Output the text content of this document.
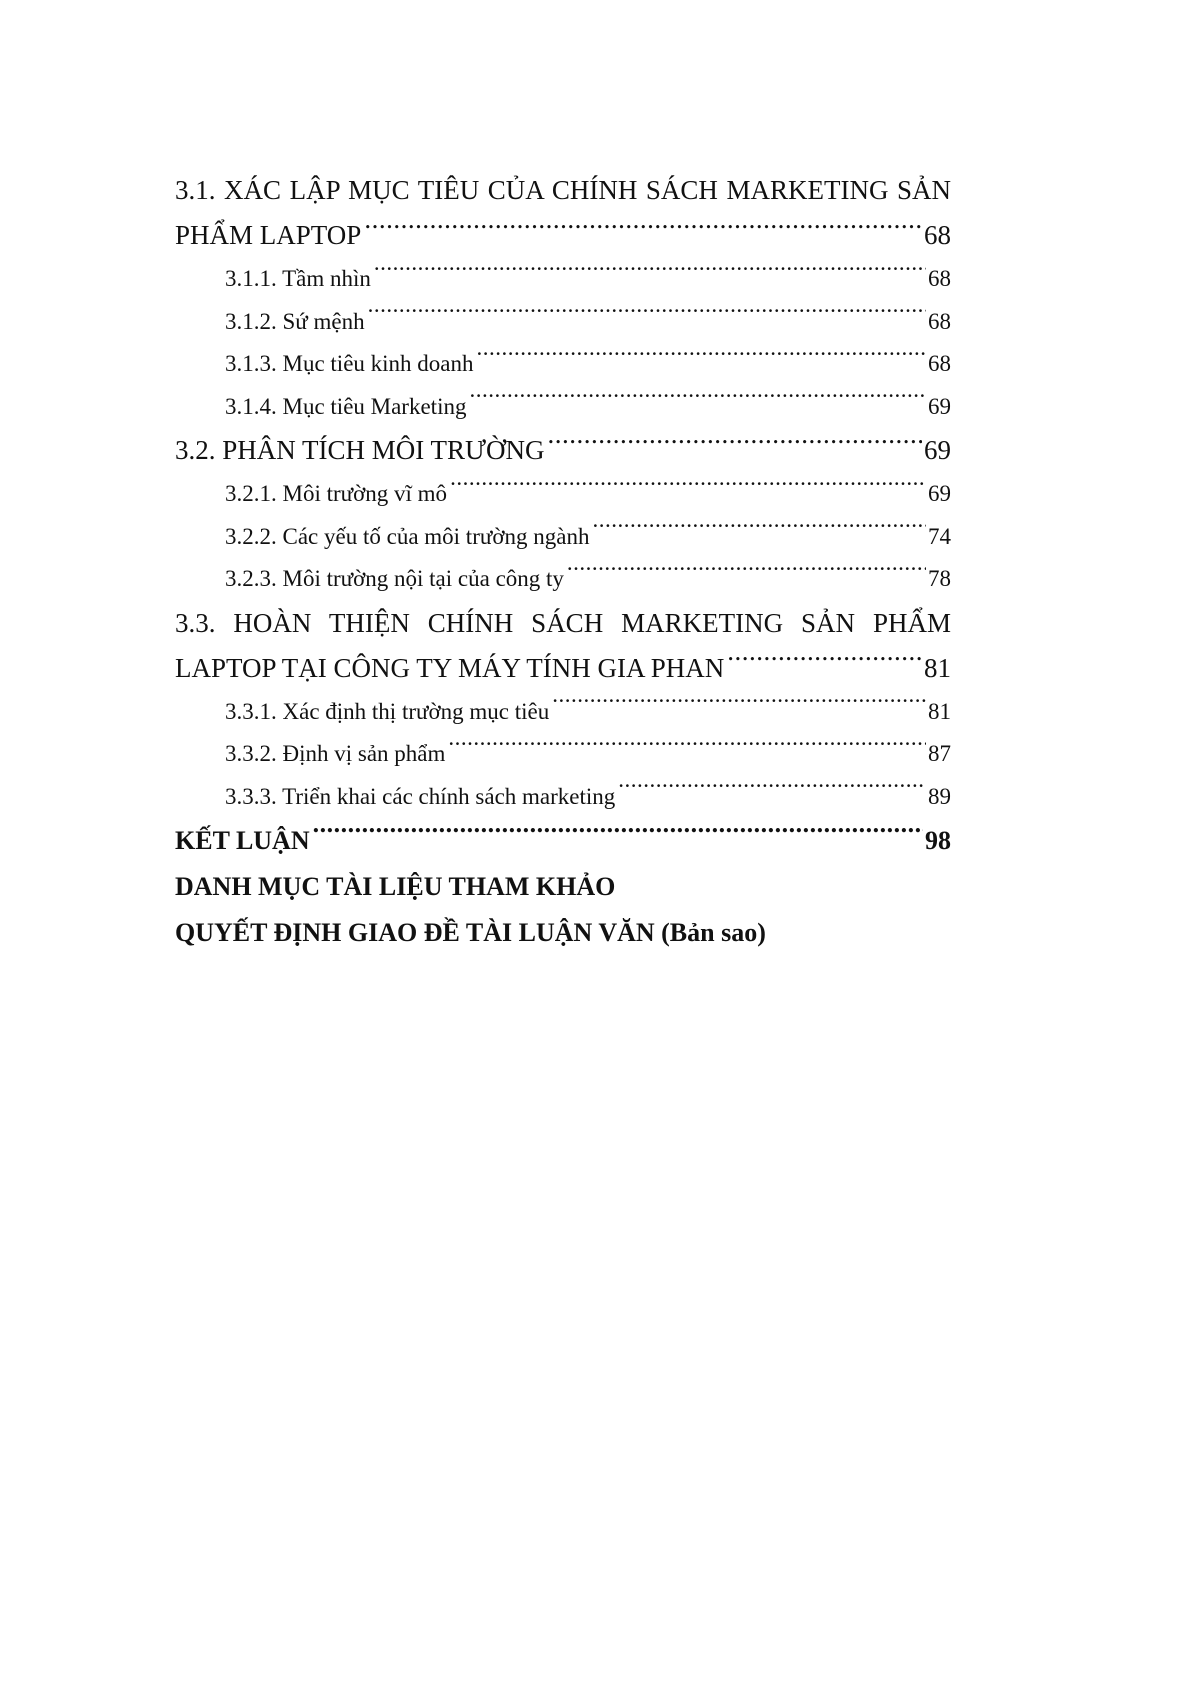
3.1. XÁC LẬP MỤC TIÊU CỦA CHÍNH SÁCH MARKETING SẢN
PHẨM LAPTOP .....	68
3.1.1. Tầm nhìn .....	68
3.1.2. Sứ mệnh .....	68
3.1.3. Mục tiêu kinh doanh .....	68
3.1.4. Mục tiêu Marketing .....	69
3.2. PHÂN TÍCH MÔI TRƯỜNG .....	69
3.2.1. Môi trường vĩ mô .....	69
3.2.2. Các yếu tố của môi trường ngành .....	74
3.2.3. Môi trường nội tại của công ty .....	78
3.3. HOÀN THIỆN CHÍNH SÁCH MARKETING SẢN PHẨM
LAPTOP TẠI CÔNG TY MÁY TÍNH GIA PHAN .....	81
3.3.1. Xác định thị trường mục tiêu .....	81
3.3.2. Định vị sản phẩm .....	87
3.3.3. Triển khai các chính sách marketing .....	89
KẾT LUẬN .....	98
DANH MỤC TÀI LIỆU THAM KHẢO
QUYẾT ĐỊNH GIAO ĐỀ TÀI LUẬN VĂN (Bản sao)
